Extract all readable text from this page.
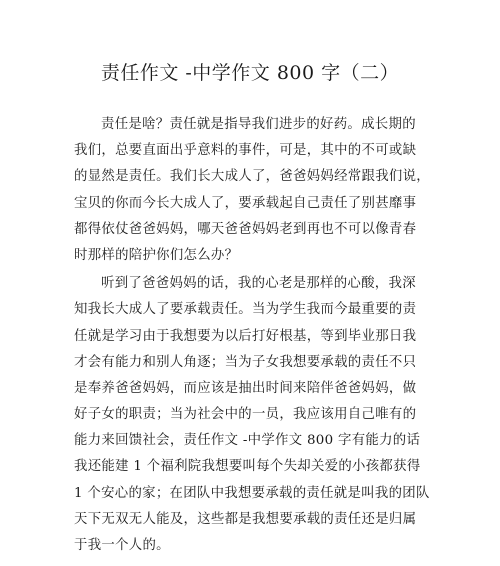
责任作文 -中学作文 800 字（二）
责任是啥？责任就是指导我们进步的好药。成长期的
我们，总要直面出乎意料的事件，可是，其中的不可或缺
的显然是责任。我们长大成人了，爸爸妈妈经常跟我们说，
宝贝的你而今长大成人了，要承载起自己责任了别甚靡事
都得依仗爸爸妈妈，哪天爸爸妈妈老到再也不可以像青春
时那样的陪护你们怎么办？
听到了爸爸妈妈的话，我的心老是那样的心酸，我深
知我长大成人了要承载责任。当为学生我而今最重要的责
任就是学习由于我想要为以后打好根基，等到毕业那日我
才会有能力和别人角逐；当为子女我想要承载的责任不只
是奉养爸爸妈妈，而应该是抽出时间来陪伴爸爸妈妈，做
好子女的职责；当为社会中的一员，我应该用自己唯有的
能力来回馈社会，责任作文 -中学作文 800 字有能力的话
我还能建 1 个福利院我想要叫每个失却关爱的小孩都获得
1 个安心的家；在团队中我想要承载的责任就是叫我的团队
天下无双无人能及，这些都是我想要承载的责任还是归属
于我一个人的。
